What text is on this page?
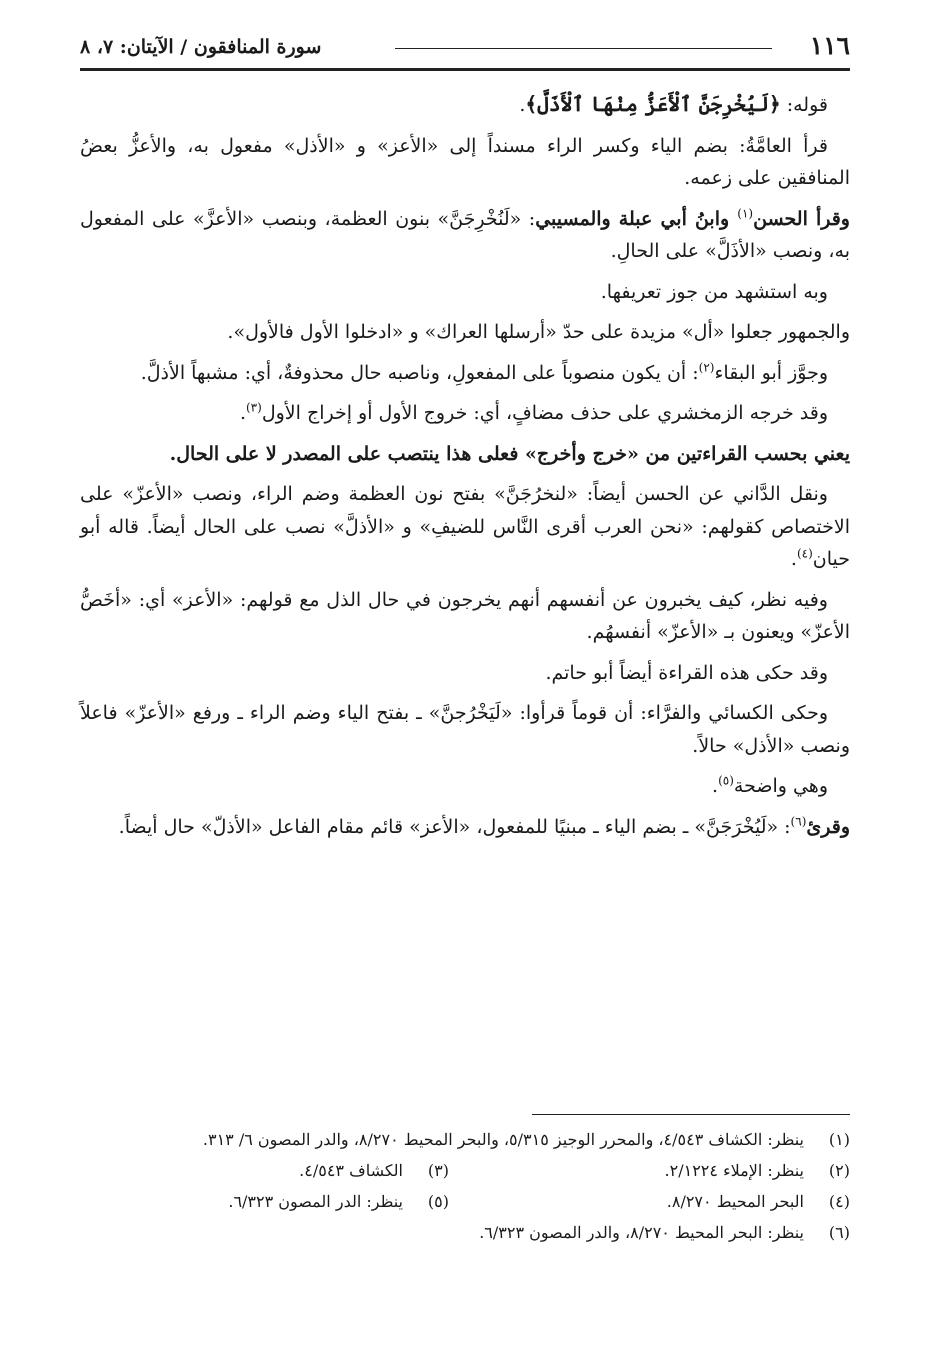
١١٦
سورة المنافقون / الآيتان: ٧، ٨

قوله: ﴿لَيُخْرِجَنَّ ٱلْأَعَزُّ مِنْهَا ٱلْأَذَلَّ﴾.

قرأ العامَّةُ: بضم الياء وكسر الراء مسنداً إلى «الأعز» و «الأذل» مفعول به، والأعزُّ بعضُ المنافقين على زعمه.

وقرأ الحسن$^{(١)}$ وابنُ أبي عبلة والمسيبي: «لَنُخْرِجَنَّ» بنون العظمة، وبنصب «الأعزَّ» على المفعول به، ونصب «الأذَلَّ» على الحالِ.

وبه استشهد من جوز تعريفها.

والجمهور جعلوا «أل» مزيدة على حدّ «أرسلها العراك» و «ادخلوا الأول فالأول».

وجوَّز أبو البقاء$^{(٢)}$: أن يكون منصوباً على المفعولِ، وناصبه حال محذوفةٌ، أي: مشبهاً الأذلَّ.

وقد خرجه الزمخشري على حذف مضافٍ، أي: خروج الأول أو إخراج الأول$^{(٣)}$.

يعني بحسب القراءتين من «خرج وأخرج» فعلى هذا ينتصب على المصدر لا على الحال.

ونقل الدَّاني عن الحسن أيضاً: «لنخرُجَنَّ» بفتح نون العظمة وضم الراء، ونصب «الأعزّ» على الاختصاص كقولهم: «نحن العرب أقرى النَّاس للضيفِ» و «الأذلَّ» نصب على الحال أيضاً. قاله أبو حيان$^{(٤)}$.

وفيه نظر، كيف يخبرون عن أنفسهم أنهم يخرجون في حال الذل مع قولهم: «الأعز» أي: «أخَصُّ الأعزّ» ويعنون بـ «الأعزّ» أنفسهُم.

وقد حكى هذه القراءة أيضاً أبو حاتم.

وحكى الكسائي والفرَّاء: أن قوماً قرأوا: «لَيَخْرُجنَّ» ـ بفتح الياء وضم الراء ـ ورفع «الأعزّ» فاعلاً ونصب «الأذل» حالاً.

وهي واضحة$^{(٥)}$.

وقرئ$^{(٦)}$: «لَيُخْرَجَنَّ» ـ بضم الياء ـ مبنيًا للمفعول، «الأعز» قائم مقام الفاعل «الأذلّ» حال أيضاً.

(١)
ينظر: الكشاف ٤/٥٤٣، والمحرر الوجيز ٥/٣١٥، والبحر المحيط ٨/٢٧٠، والدر المصون ٦/ ٣١٣.

(٢)
ينظر: الإملاء ٢/١٢٢٤.
(٣)
الكشاف ٤/٥٤٣.
(٤)
البحر المحيط ٨/٢٧٠.
(٥)
ينظر: الدر المصون ٦/٣٢٣.

(٦)
ينظر: البحر المحيط ٨/٢٧٠، والدر المصون ٦/٣٢٣.
